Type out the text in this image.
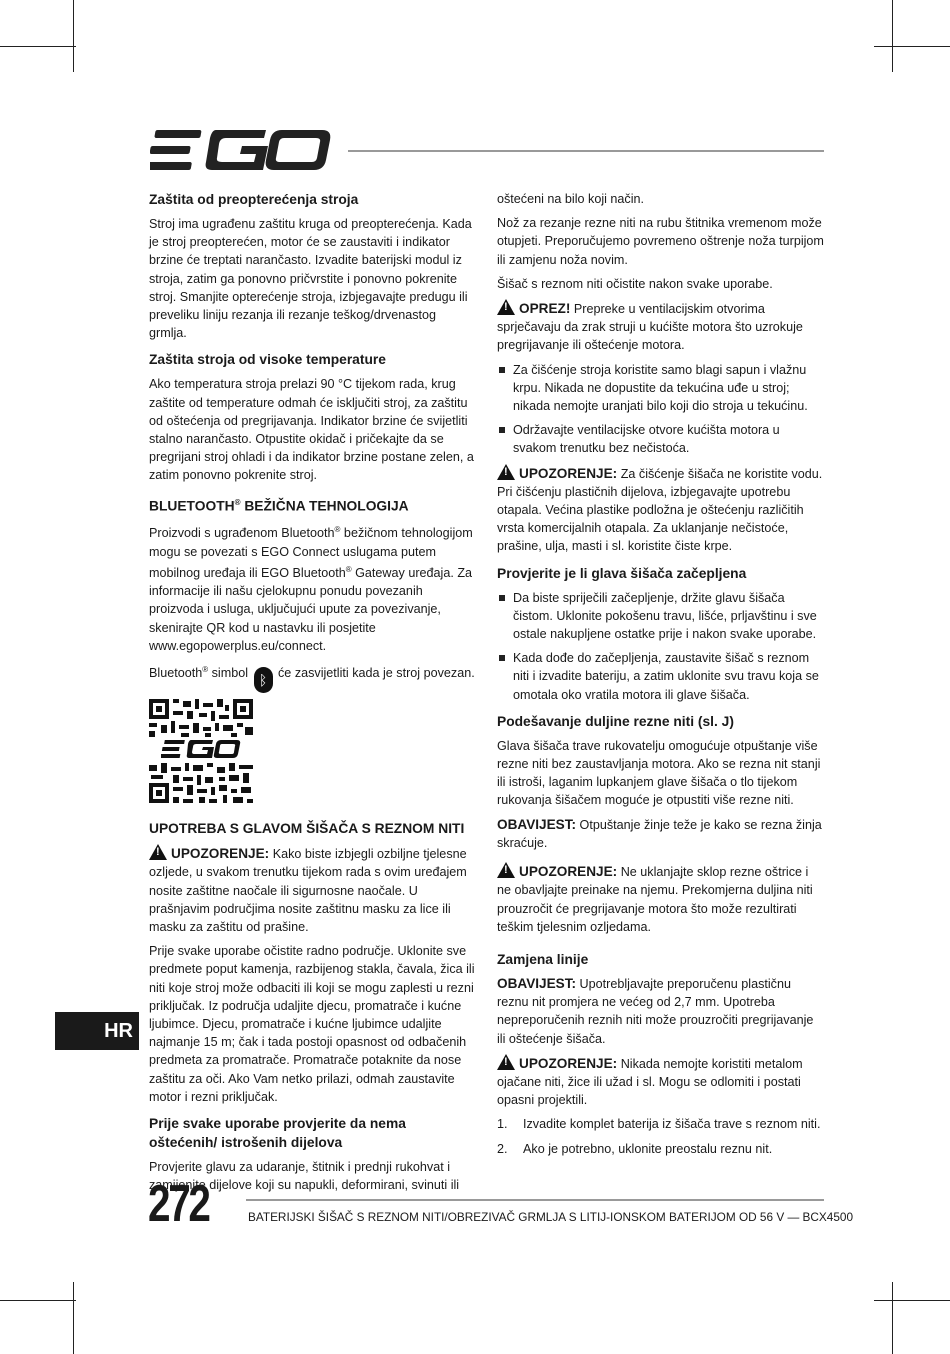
Zaštita od preopterećenja stroja

Stroj ima ugrađenu zaštitu kruga od preopterećenja. Kada je stroj preopterećen, motor će se zaustaviti i indikator brzine će treptati narančasto. Izvadite baterijski modul iz stroja, zatim ga ponovno pričvrstite i ponovno pokrenite stroj. Smanjite opterećenje stroja, izbjegavajte predugu ili preveliku liniju rezanja ili rezanje teškog/drvenastog grmlja.

Zaštita stroja od visoke temperature

Ako temperatura stroja prelazi 90 °C tijekom rada, krug zaštite od temperature odmah će isključiti stroj, za zaštitu od oštećenja od pregrijavanja. Indikator brzine će svijetliti stalno narančasto. Otpustite okidač i pričekajte da se pregrijani stroj ohladi i da indikator brzine postane zelen, a zatim ponovno pokrenite stroj.

BLUETOOTH® BEŽIČNA TEHNOLOGIJA

Proizvodi s ugrađenom Bluetooth® bežičnom tehnologijom mogu se povezati s EGO Connect uslugama putem mobilnog uređaja ili EGO Bluetooth® Gateway uređaja. Za informacije ili našu cjelokupnu ponudu povezanih proizvoda i usluga, uključujući upute za povezivanje, skenirajte QR kod u nastavku ili posjetite www.egopowerplus.eu/connect.

Bluetooth® simbol ᛒ će zasvijetliti kada je stroj povezan.

UPOTREBA S GLAVOM ŠIŠAČA S REZNOM NITI

!UPOZORENJE: Kako biste izbjegli ozbiljne tjelesne ozljede, u svakom trenutku tijekom rada s ovim uređajem nosite zaštitne naočale ili sigurnosne naočale. U prašnjavim područjima nosite zaštitnu masku za lice ili masku za zaštitu od prašine.

Prije svake uporabe očistite radno područje. Uklonite sve predmete poput kamenja, razbijenog stakla, čavala, žica ili niti koje stroj može odbaciti ili koji se mogu zaplesti u rezni priključak. Iz područja udaljite djecu, promatrače i kućne ljubimce. Djecu, promatrače i kućne ljubimce udaljite najmanje 15 m; čak i tada postoji opasnost od odbačenih predmeta za promatrače. Promatrače potaknite da nose zaštitu za oči. Ako Vam netko prilazi, odmah zaustavite motor i rezni priključak.

Prije svake uporabe provjerite da nema oštećenih/ istrošenih dijelova

Provjerite glavu za udaranje, štitnik i prednji rukohvat i zamijenite dijelove koji su napukli, deformirani, svinuti ili

oštećeni na bilo koji način.

Nož za rezanje rezne niti na rubu štitnika vremenom može otupjeti. Preporučujemo povremeno oštrenje noža turpijom ili zamjenu noža novim.

Šišač s reznom niti očistite nakon svake uporabe.

!OPREZ! Prepreke u ventilacijskim otvorima sprječavaju da zrak struji u kućište motora što uzrokuje pregrijavanje ili oštećenje motora.

Za čišćenje stroja koristite samo blagi sapun i vlažnu krpu. Nikada ne dopustite da tekućina uđe u stroj; nikada nemojte uranjati bilo koji dio stroja u tekućinu.
Održavajte ventilacijske otvore kućišta motora u svakom trenutku bez nečistoća.

!UPOZORENJE: Za čišćenje šišača ne koristite vodu. Pri čišćenju plastičnih dijelova, izbjegavajte upotrebu otapala. Većina plastike podložna je oštećenju različitih vrsta komercijalnih otapala. Za uklanjanje nečistoće, prašine, ulja, masti i sl. koristite čiste krpe.

Provjerite je li glava šišača začepljena
Da biste spriječili začepljenje, držite glavu šišača čistom. Uklonite pokošenu travu, lišće, prljavštinu i sve ostale nakupljene ostatke prije i nakon svake uporabe.
Kada dođe do začepljenja, zaustavite šišač s reznom niti i izvadite bateriju, a zatim uklonite svu travu koja se omotala oko vratila motora ili glave šišača.
Podešavanje duljine rezne niti (sl. J)

Glava šišača trave rukovatelju omogućuje otpuštanje više rezne niti bez zaustavljanja motora. Ako se rezna nit stanji ili istroši, laganim lupkanjem glave šišača o tlo tijekom rukovanja šišačem moguće je otpustiti više rezne niti.

OBAVIJEST: Otpuštanje žinje teže je kako se rezna žinja skraćuje.

!UPOZORENJE: Ne uklanjajte sklop rezne oštrice i ne obavljajte preinake na njemu. Prekomjerna duljina niti prouzročit će pregrijavanje motora što može rezultirati teškim tjelesnim ozljedama.

Zamjena linije

OBAVIJEST: Upotrebljavajte preporučenu plastičnu reznu nit promjera ne većeg od 2,7 mm. Upotreba nepreporučenih reznih niti može prouzročiti pregrijavanje ili oštećenje šišača.

!UPOZORENJE: Nikada nemojte koristiti metalom ojačane niti, žice ili užad i sl. Mogu se odlomiti i postati opasni projektili.

1. Izvadite komplet baterija iz šišača trave s reznom niti.
2. Ako je potrebno, uklonite preostalu reznu nit.
HR
272	BATERIJSKI ŠIŠAČ S REZNOM NITI/OBREZIVAČ GRMLJA S LITIJ-IONSKOM BATERIJOM OD 56 V — BCX4500
